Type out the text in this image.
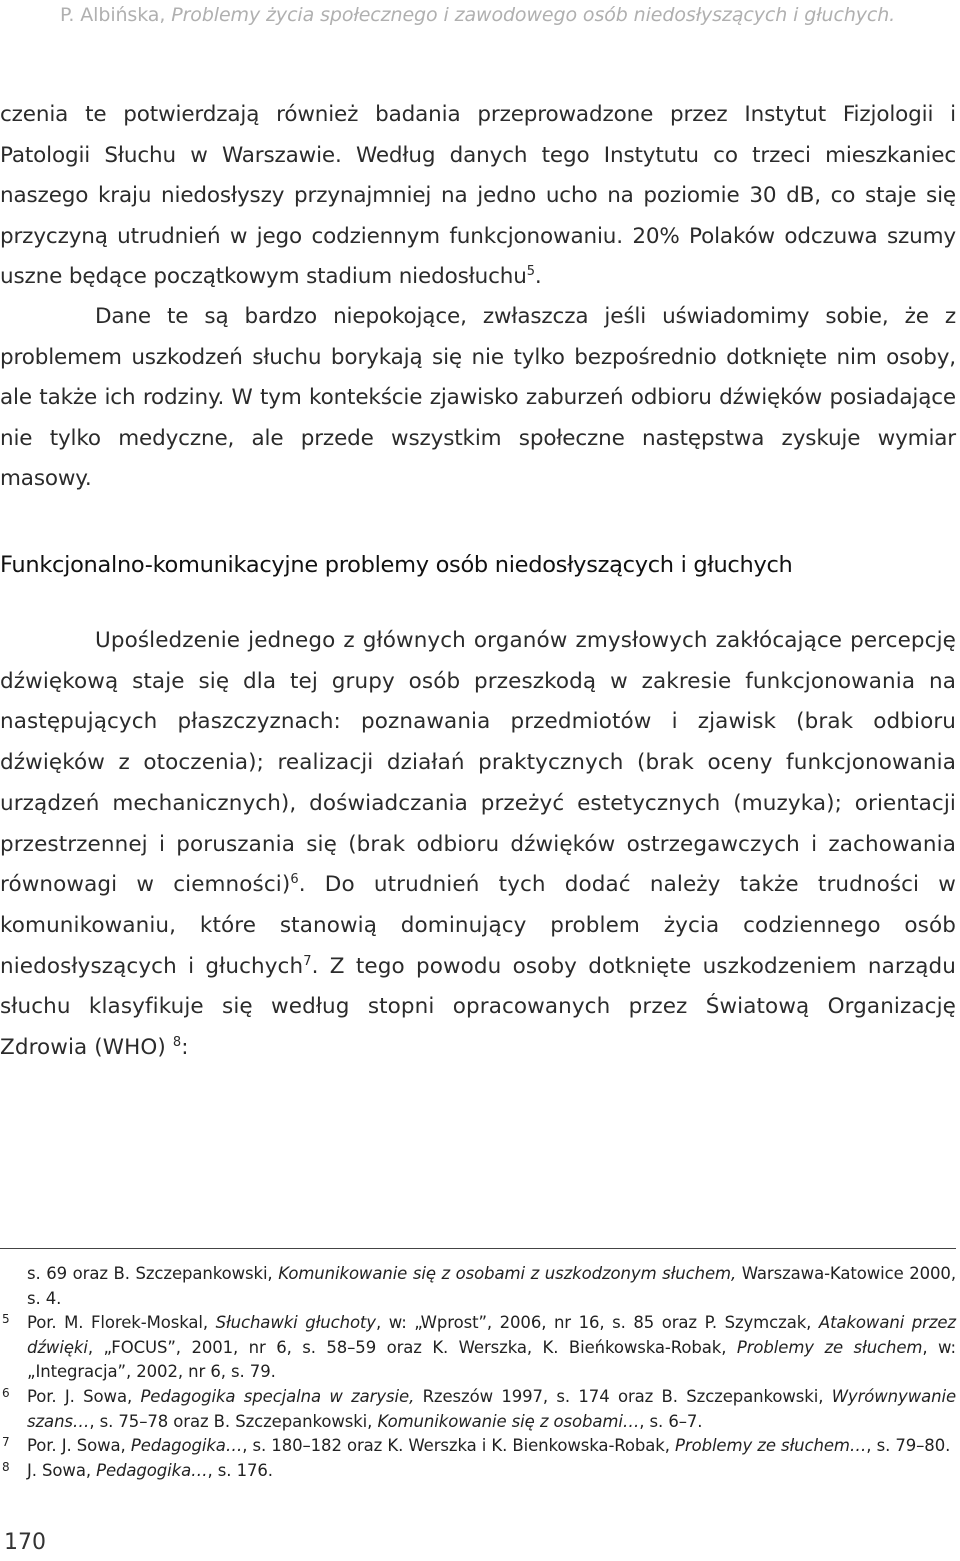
P. Albińska, Problemy życia społecznego i zawodowego osób niedosłyszących i głuchych.

czenia te potwierdzają również badania przeprowadzone przez Instytut Fizjologii i Patologii Słuchu w Warszawie. Według danych tego Instytutu co trzeci mieszkaniec naszego kraju niedosłyszy przynajmniej na jedno ucho na poziomie 30 dB, co staje się przyczyną utrudnień w jego codziennym funkcjonowaniu. 20% Polaków odczuwa szumy uszne będące początkowym stadium niedosłuchu$^5$.

Dane te są bardzo niepokojące, zwłaszcza jeśli uświadomimy sobie, że z problemem uszkodzeń słuchu borykają się nie tylko bezpośrednio dotknięte nim osoby, ale także ich rodziny. W tym kontekście zjawisko zaburzeń odbioru dźwięków posiadające nie tylko medyczne, ale przede wszystkim społeczne następstwa zyskuje wymiar masowy.

Funkcjonalno-komunikacyjne problemy osób niedosłyszących i głuchych

Upośledzenie jednego z głównych organów zmysłowych zakłócające percepcję dźwiękową staje się dla tej grupy osób przeszkodą w zakresie funkcjonowania na następujących płaszczyznach: poznawania przedmiotów i zjawisk (brak odbioru dźwięków z otoczenia); realizacji działań praktycznych (brak oceny funkcjonowania urządzeń mechanicznych), doświadczania przeżyć estetycznych (muzyka); orientacji przestrzennej i poruszania się (brak odbioru dźwięków ostrzegawczych i zachowania równowagi w ciemności)$^6$. Do utrudnień tych dodać należy także trudności w komunikowaniu, które stanowią dominujący problem życia codziennego osób niedosłyszących i głuchych$^7$. Z tego powodu osoby dotknięte uszkodzeniem narządu słuchu klasyfikuje się według stopni opracowanych przez Światową Organizację Zdrowia (WHO) $^8$:

s. 69 oraz B. Szczepankowski, Komunikowanie się z osobami z uszkodzonym słuchem, Warszawa-Katowice 2000, s. 4.
5 Por. M. Florek-Moskal, Słuchawki głuchoty, w: „Wprost”, 2006, nr 16, s. 85 oraz P. Szymczak, Atakowani przez dźwięki, „FOCUS”, 2001, nr 6, s. 58–59 oraz K. Werszka, K. Bieńkowska-Robak, Problemy ze słuchem, w: „Integracja”, 2002, nr 6, s. 79.
6 Por. J. Sowa, Pedagogika specjalna w zarysie, Rzeszów 1997, s. 174 oraz B. Szczepankowski, Wyrównywanie szans…, s. 75–78 oraz B. Szczepankowski, Komunikowanie się z osobami…, s. 6–7.
7 Por. J. Sowa, Pedagogika…, s. 180–182 oraz K. Werszka i K. Bienkowska-Robak, Problemy ze słuchem…, s. 79–80.
8 J. Sowa, Pedagogika…, s. 176.
170
